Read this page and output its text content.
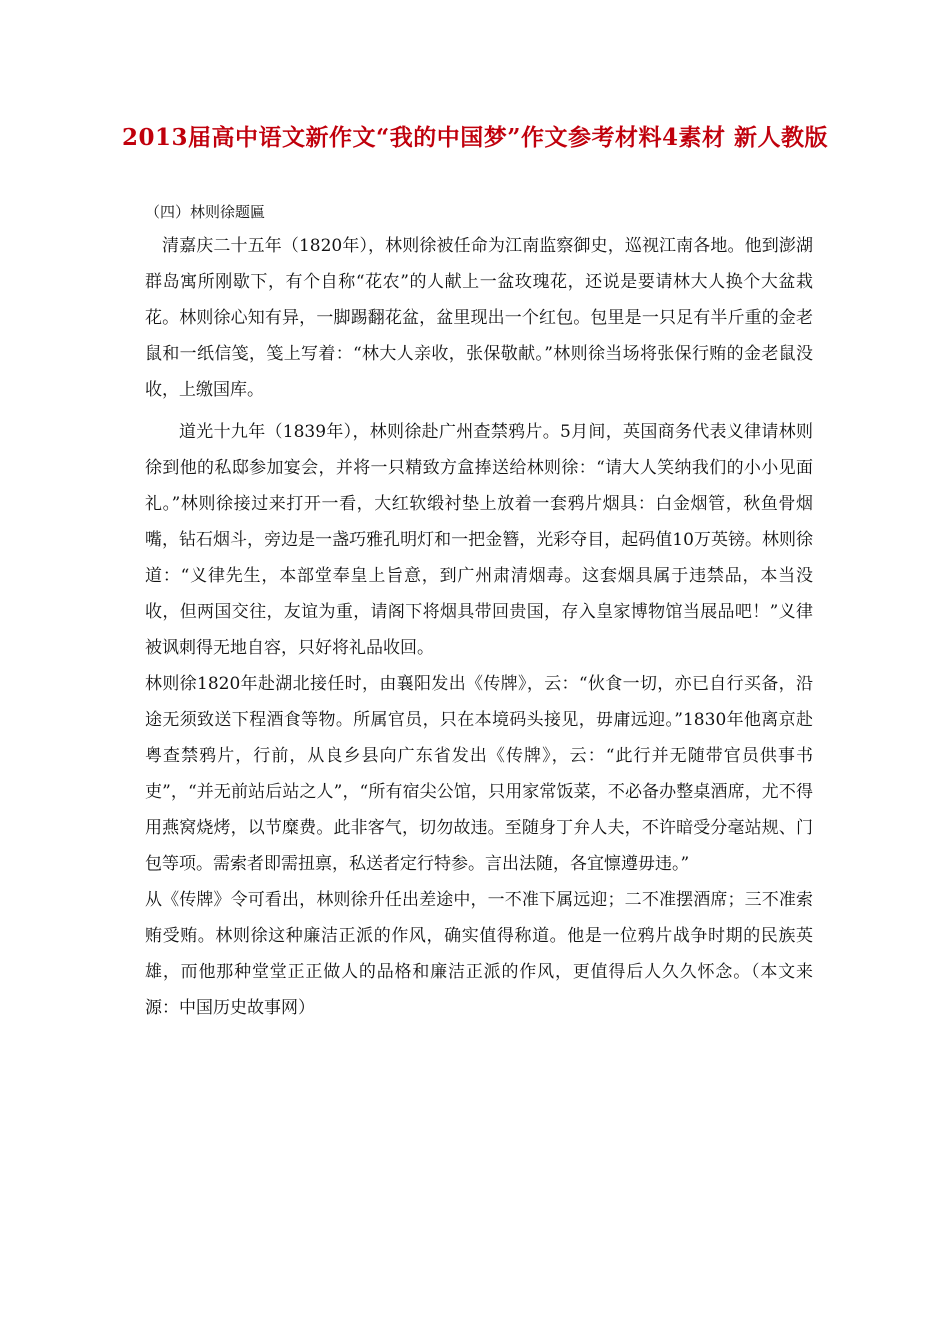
2013届高中语文新作文“我的中国梦”作文参考材料4素材 新人教版

（四）林则徐题匾

清嘉庆二十五年（1820年），林则徐被任命为江南监察御史，巡视江南各地。他到澎湖群岛寓所刚歇下，有个自称“花农”的人献上一盆玫瑰花，还说是要请林大人换个大盆栽花。林则徐心知有异，一脚踢翻花盆，盆里现出一个红包。包里是一只足有半斤重的金老鼠和一纸信笺，笺上写着：“林大人亲收，张保敬献。”林则徐当场将张保行贿的金老鼠没收，上缴国库。

道光十九年（1839年），林则徐赴广州查禁鸦片。5月间，英国商务代表义律请林则徐到他的私邸参加宴会，并将一只精致方盒捧送给林则徐：“请大人笑纳我们的小小见面礼。”林则徐接过来打开一看，大红软缎衬垫上放着一套鸦片烟具：白金烟管，秋鱼骨烟嘴，钻石烟斗，旁边是一盏巧雅孔明灯和一把金簪，光彩夺目，起码值10万英镑。林则徐道：“义律先生，本部堂奉皇上旨意，到广州肃清烟毒。这套烟具属于违禁品，本当没收，但两国交往，友谊为重，请阁下将烟具带回贵国，存入皇家博物馆当展品吧！”义律被讽刺得无地自容，只好将礼品收回。

林则徐1820年赴湖北接任时，由襄阳发出《传牌》，云：“伙食一切，亦已自行买备，沿途无须致送下程酒食等物。所属官员，只在本境码头接见，毋庸远迎。”1830年他离京赴粤查禁鸦片，行前，从良乡县向广东省发出《传牌》，云：“此行并无随带官员供事书吏”，“并无前站后站之人”，“所有宿尖公馆，只用家常饭菜，不必备办整桌酒席，尤不得用燕窝烧烤，以节糜费。此非客气，切勿故违。至随身丁弁人夫，不许暗受分毫站规、门包等项。需索者即需扭禀，私送者定行特参。言出法随，各宜懔遵毋违。”

从《传牌》令可看出，林则徐升任出差途中，一不准下属远迎；二不准摆酒席；三不准索贿受贿。林则徐这种廉洁正派的作风，确实值得称道。他是一位鸦片战争时期的民族英雄，而他那种堂堂正正做人的品格和廉洁正派的作风，更值得后人久久怀念。（本文来源：中国历史故事网）
